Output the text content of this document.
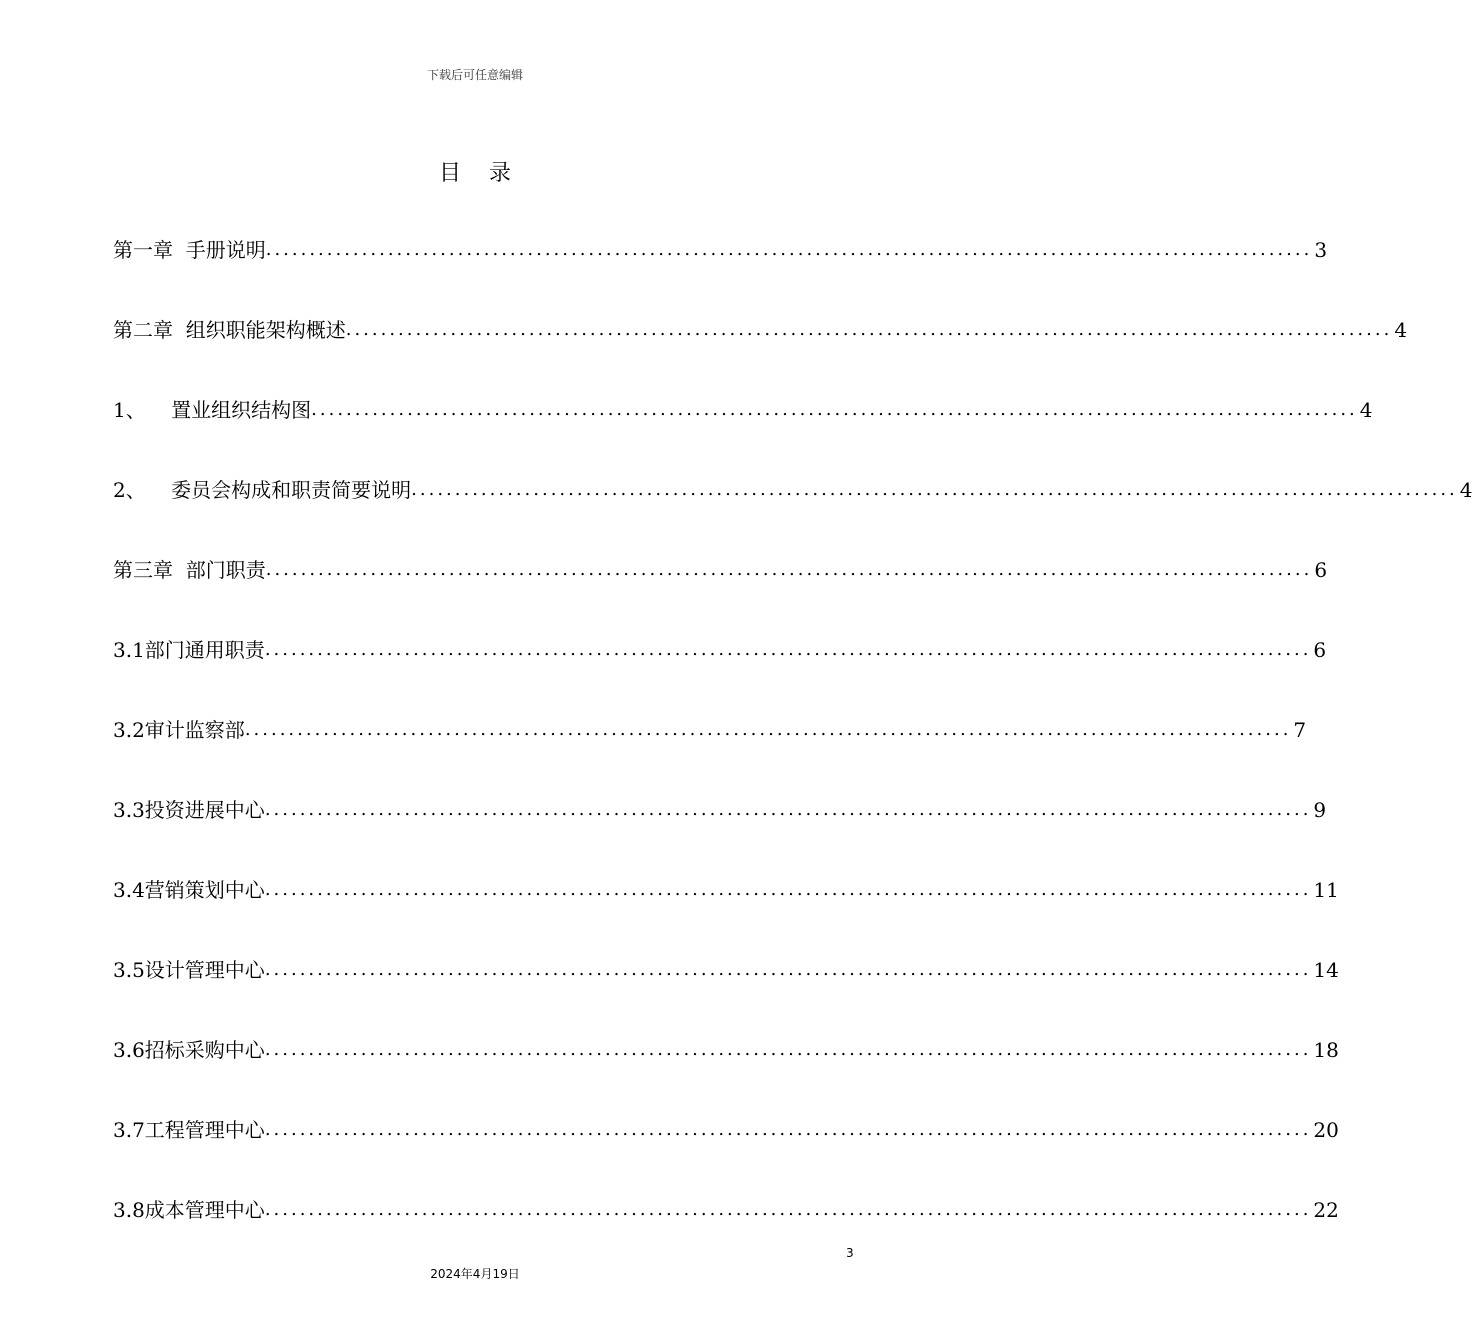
下载后可任意编辑
目录
第一章  手册说明 ........................................................................................................................ 3
第二章  组织职能架构概述 ........................................................................................................................ 4
1、    置业组织结构图 ........................................................................................................................ 4
2、    委员会构成和职责简要说明 ........................................................................................................................ 4
第三章  部门职责 ........................................................................................................................ 6
3.1部门通用职责 ........................................................................................................................ 6
3.2审计监察部 ........................................................................................................................ 7
3.3投资进展中心 ........................................................................................................................ 9
3.4营销策划中心 ........................................................................................................................ 11
3.5设计管理中心 ........................................................................................................................ 14
3.6招标采购中心 ........................................................................................................................ 18
3.7工程管理中心 ........................................................................................................................ 20
3.8成本管理中心 ........................................................................................................................ 22
3
2024年4月19日
